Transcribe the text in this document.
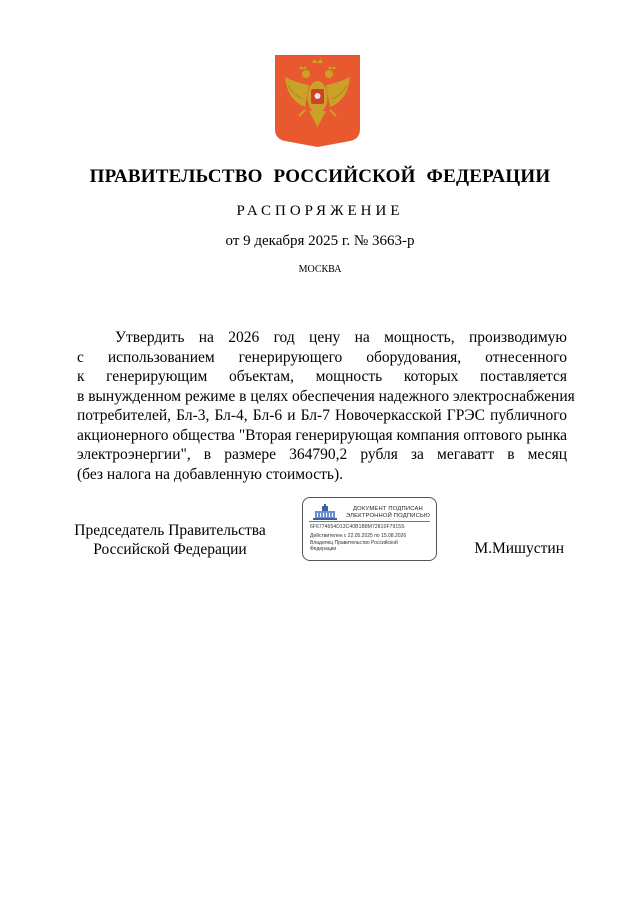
ПРАВИТЕЛЬСТВО РОССИЙСКОЙ ФЕДЕРАЦИИ
РАСПОРЯЖЕНИЕ
от 9 декабря 2025 г. № 3663-р
МОСКВА
Утвердить на 2026 год цену на мощность, производимую
с использованием генерирующего оборудования, отнесенного
к генерирующим объектам, мощность которых поставляется
в вынужденном режиме в целях обеспечения надежного электроснабжения
потребителей, Бл-3, Бл-4, Бл-6 и Бл-7 Новочеркасской ГРЭС публичного
акционерного общества "Вторая генерирующая компания оптового рынка
электроэнергии", в размере 364790,2 рубля за мегаватт в месяц
(без налога на добавленную стоимость).
Председатель Правительства
Российской Федерации
ДОКУМЕНТ ПОДПИСАН
ЭЛЕКТРОННОЙ ПОДПИСЬЮ
6F6774654D13C40B1B8M72810F7915S
Действителен с 22.05.2025 по 15.08.2026
Владелец Правительство Российской
Федерации	М.Мишустин
